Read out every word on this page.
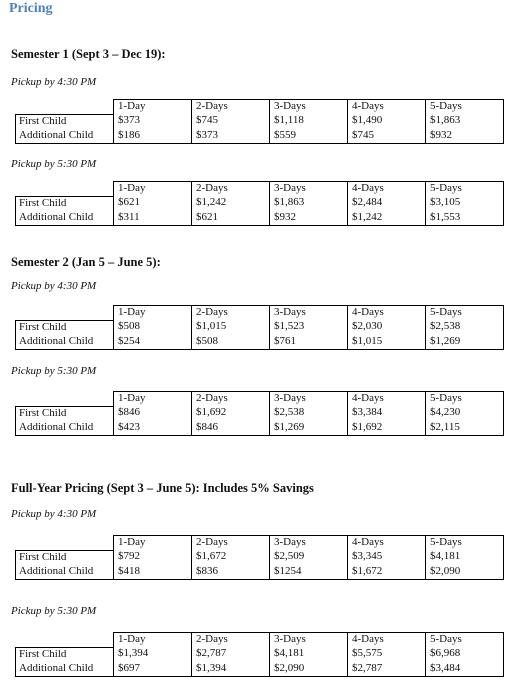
Pricing
Semester 1 (Sept 3 – Dec 19):
Pickup by 4:30 PM
	1-Day	2-Days	3-Days	4-Days	5-Days
First Child	$373	$745	$1,118	$1,490	$1,863
Additional Child	$186	$373	$559	$745	$932
Pickup by 5:30 PM
	1-Day	2-Days	3-Days	4-Days	5-Days
First Child	$621	$1,242	$1,863	$2,484	$3,105
Additional Child	$311	$621	$932	$1,242	$1,553
Semester 2 (Jan 5 – June 5):
Pickup by 4:30 PM
	1-Day	2-Days	3-Days	4-Days	5-Days
First Child	$508	$1,015	$1,523	$2,030	$2,538
Additional Child	$254	$508	$761	$1,015	$1,269
Pickup by 5:30 PM
	1-Day	2-Days	3-Days	4-Days	5-Days
First Child	$846	$1,692	$2,538	$3,384	$4,230
Additional Child	$423	$846	$1,269	$1,692	$2,115
Full-Year Pricing (Sept 3 – June 5): Includes 5% Savings
Pickup by 4:30 PM
	1-Day	2-Days	3-Days	4-Days	5-Days
First Child	$792	$1,672	$2,509	$3,345	$4,181
Additional Child	$418	$836	$1254	$1,672	$2,090
Pickup by 5:30 PM
	1-Day	2-Days	3-Days	4-Days	5-Days
First Child	$1,394	$2,787	$4,181	$5,575	$6,968
Additional Child	$697	$1,394	$2,090	$2,787	$3,484
